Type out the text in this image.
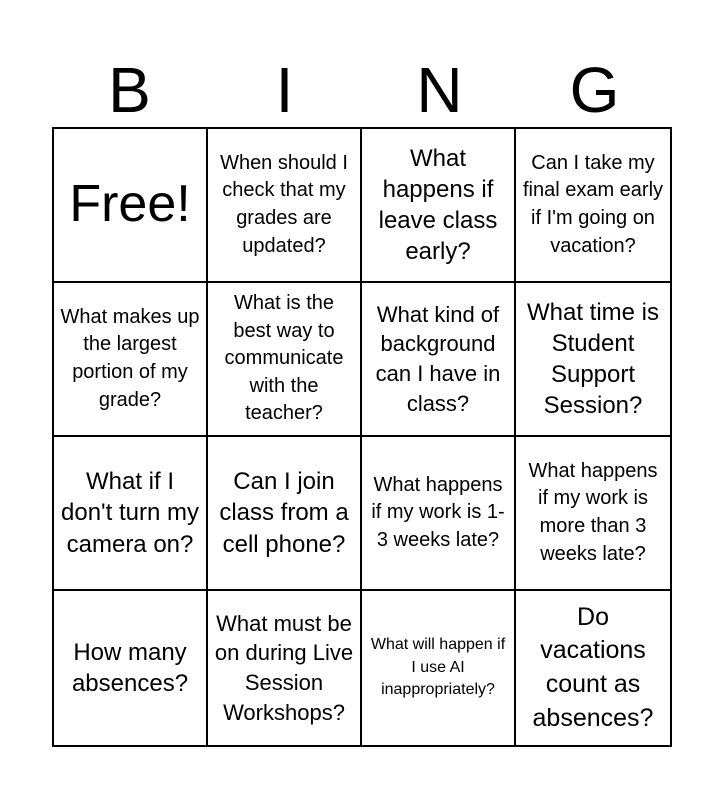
B	I	N	G
Free!
When should I check that my grades are updated?
What happens if leave class early?
Can I take my final exam early if I'm going on vacation?
What makes up the largest portion of my grade?
What is the best way to communicate with the teacher?
What kind of background can I have in class?
What time is Student Support Session?
What if I don't turn my camera on?
Can I join class from a cell phone?
What happens if my work is 1-3 weeks late?
What happens if my work is more than 3 weeks late?
How many absences?
What must be on during Live Session Workshops?
What will happen if I use AI inappropriately?
Do vacations count as absences?
